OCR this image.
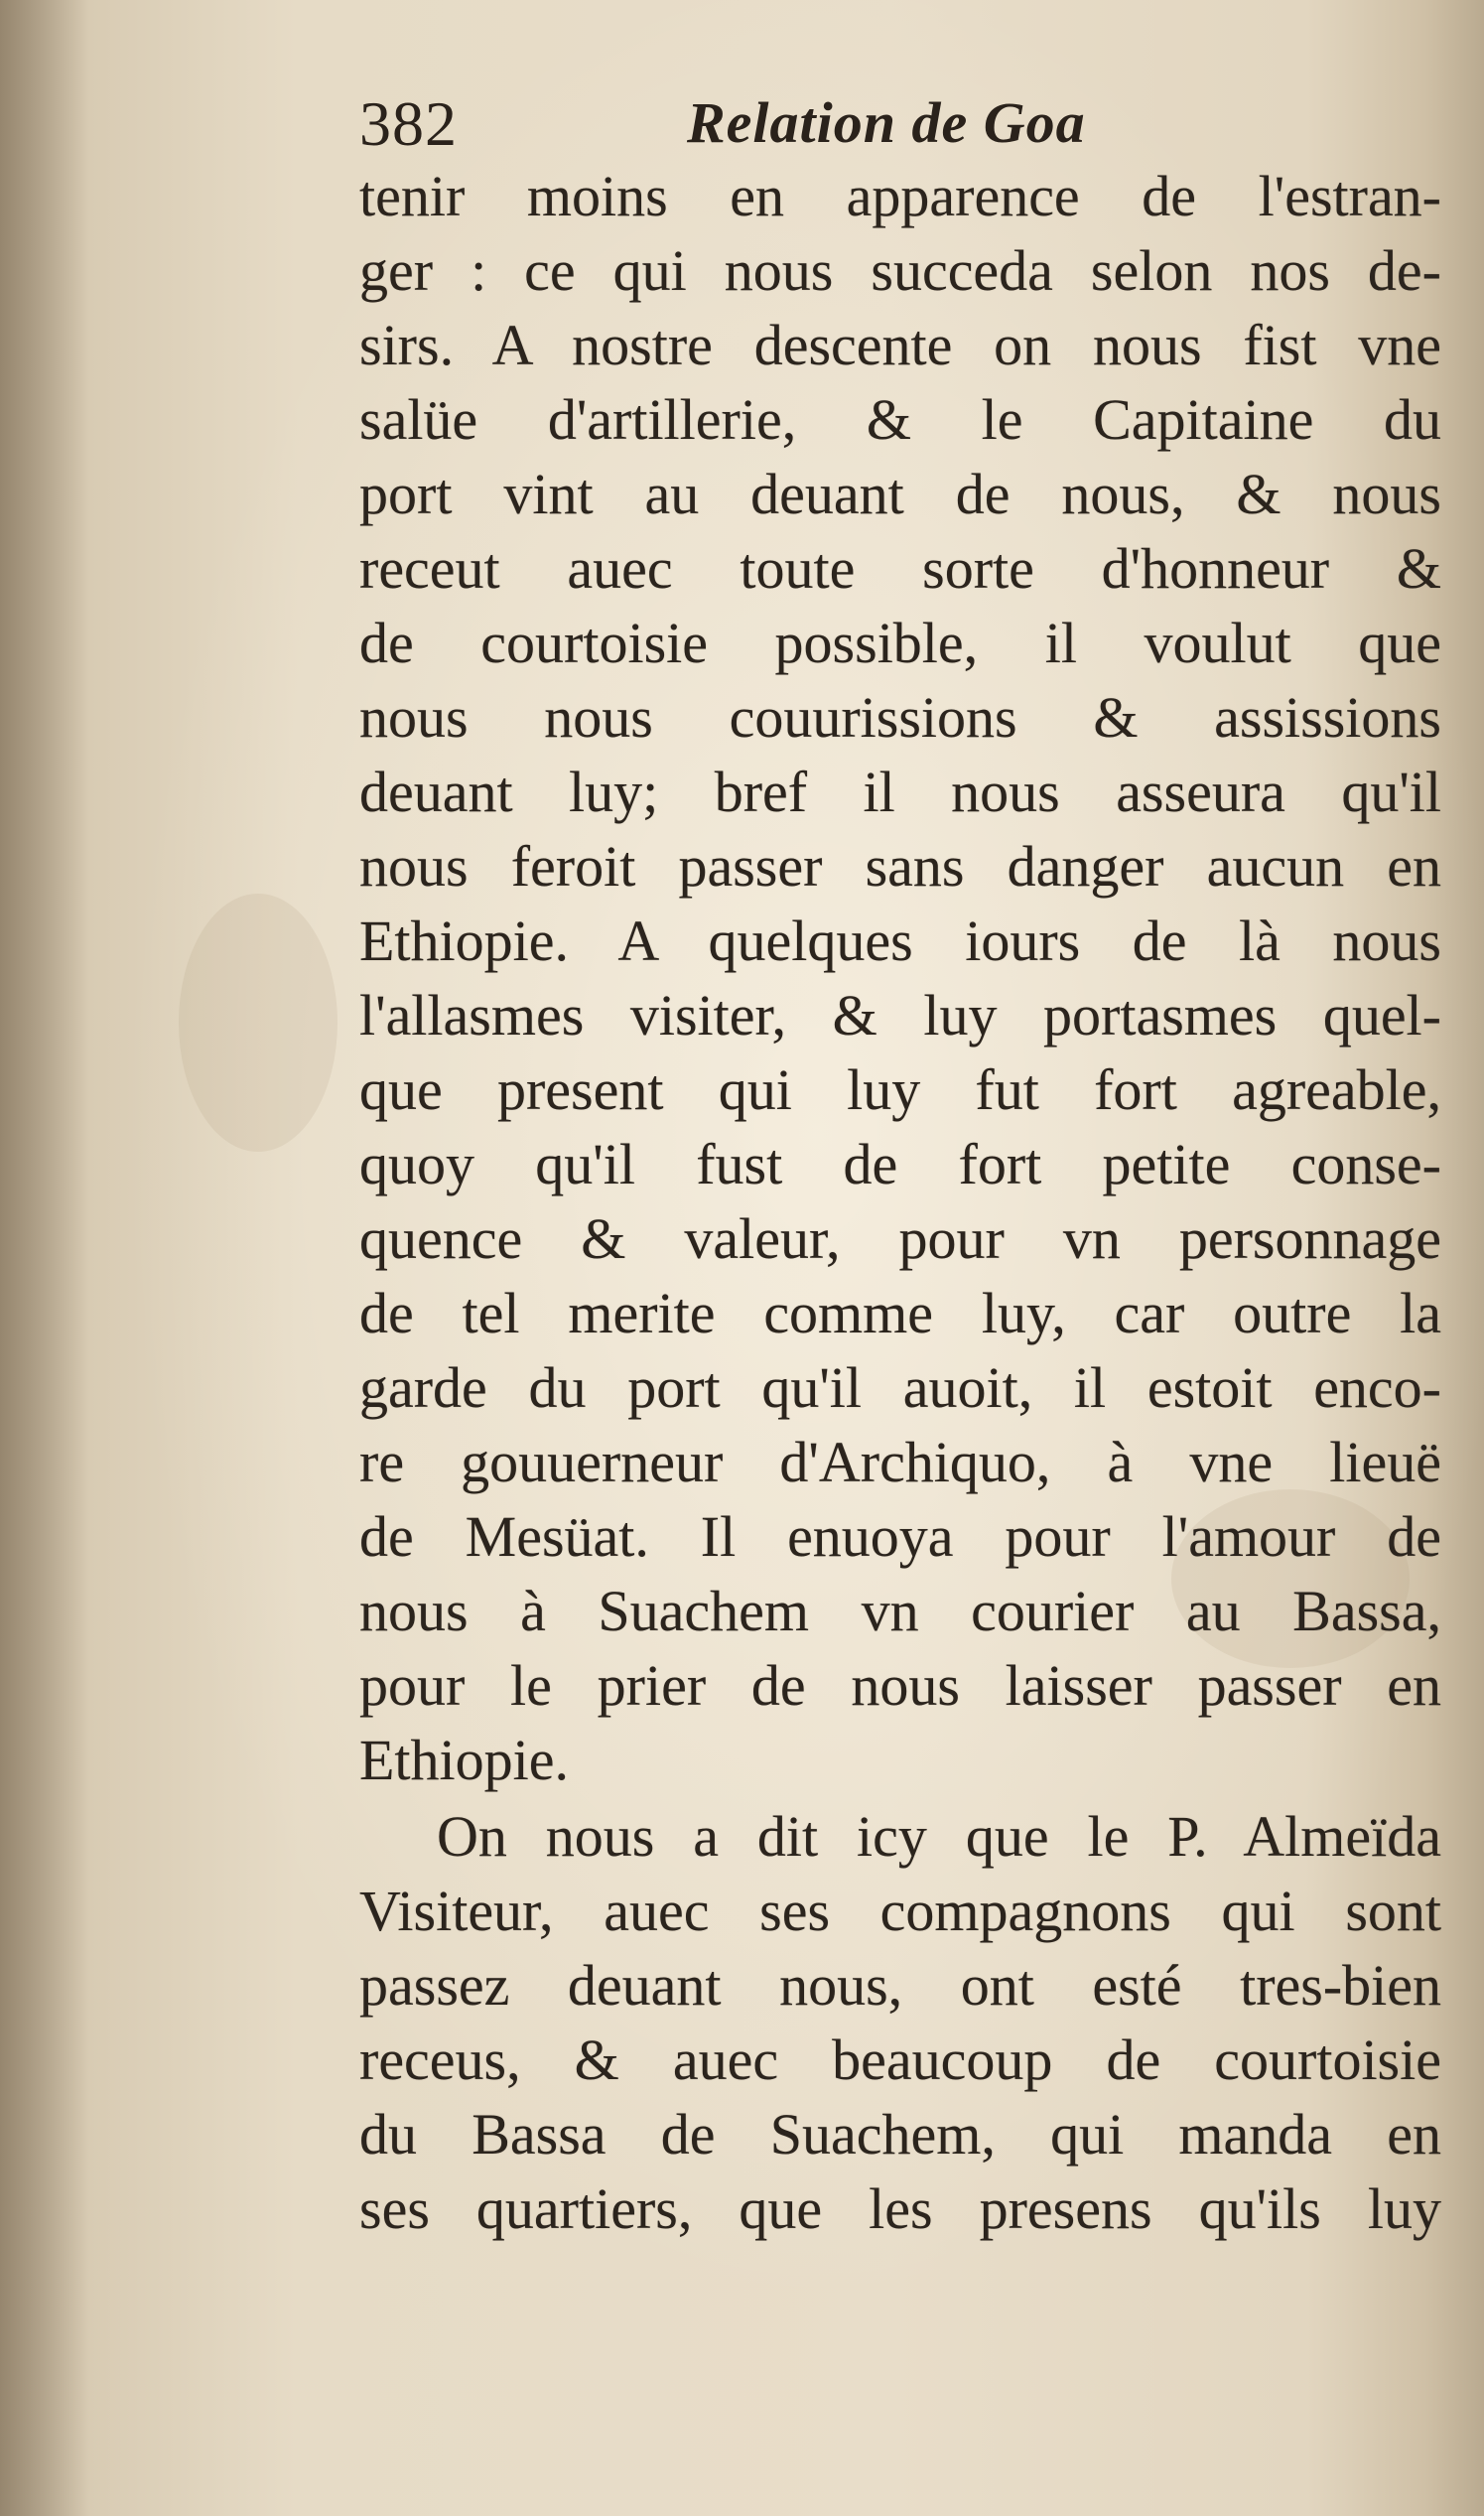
382	Relation de Goa
tenir moins en apparence de l'estran-
ger : ce qui nous succeda selon nos de-
sirs. A nostre descente on nous fist vne
salüe d'artillerie, & le Capitaine du
port vint au deuant de nous, & nous
receut auec toute sorte d'honneur &
de courtoisie possible, il voulut que
nous nous couurissions & assissions
deuant luy; bref il nous asseura qu'il
nous feroit passer sans danger aucun en
Ethiopie. A quelques iours de là nous
l'allasmes visiter, & luy portasmes quel-
que present qui luy fut fort agreable,
quoy qu'il fust de fort petite conse-
quence & valeur, pour vn personnage
de tel merite comme luy, car outre la
garde du port qu'il auoit, il estoit enco-
re gouuerneur d'Archiquo, à vne lieuë
de Mesüat. Il enuoya pour l'amour de
nous à Suachem vn courier au Bassa,
pour le prier de nous laisser passer en
Ethiopie.
On nous a dit icy que le P. Almeïda
Visiteur, auec ses compagnons qui sont
passez deuant nous, ont esté tres-bien
receus, & auec beaucoup de courtoisie
du Bassa de Suachem, qui manda en
ses quartiers, que les presens qu'ils luy
